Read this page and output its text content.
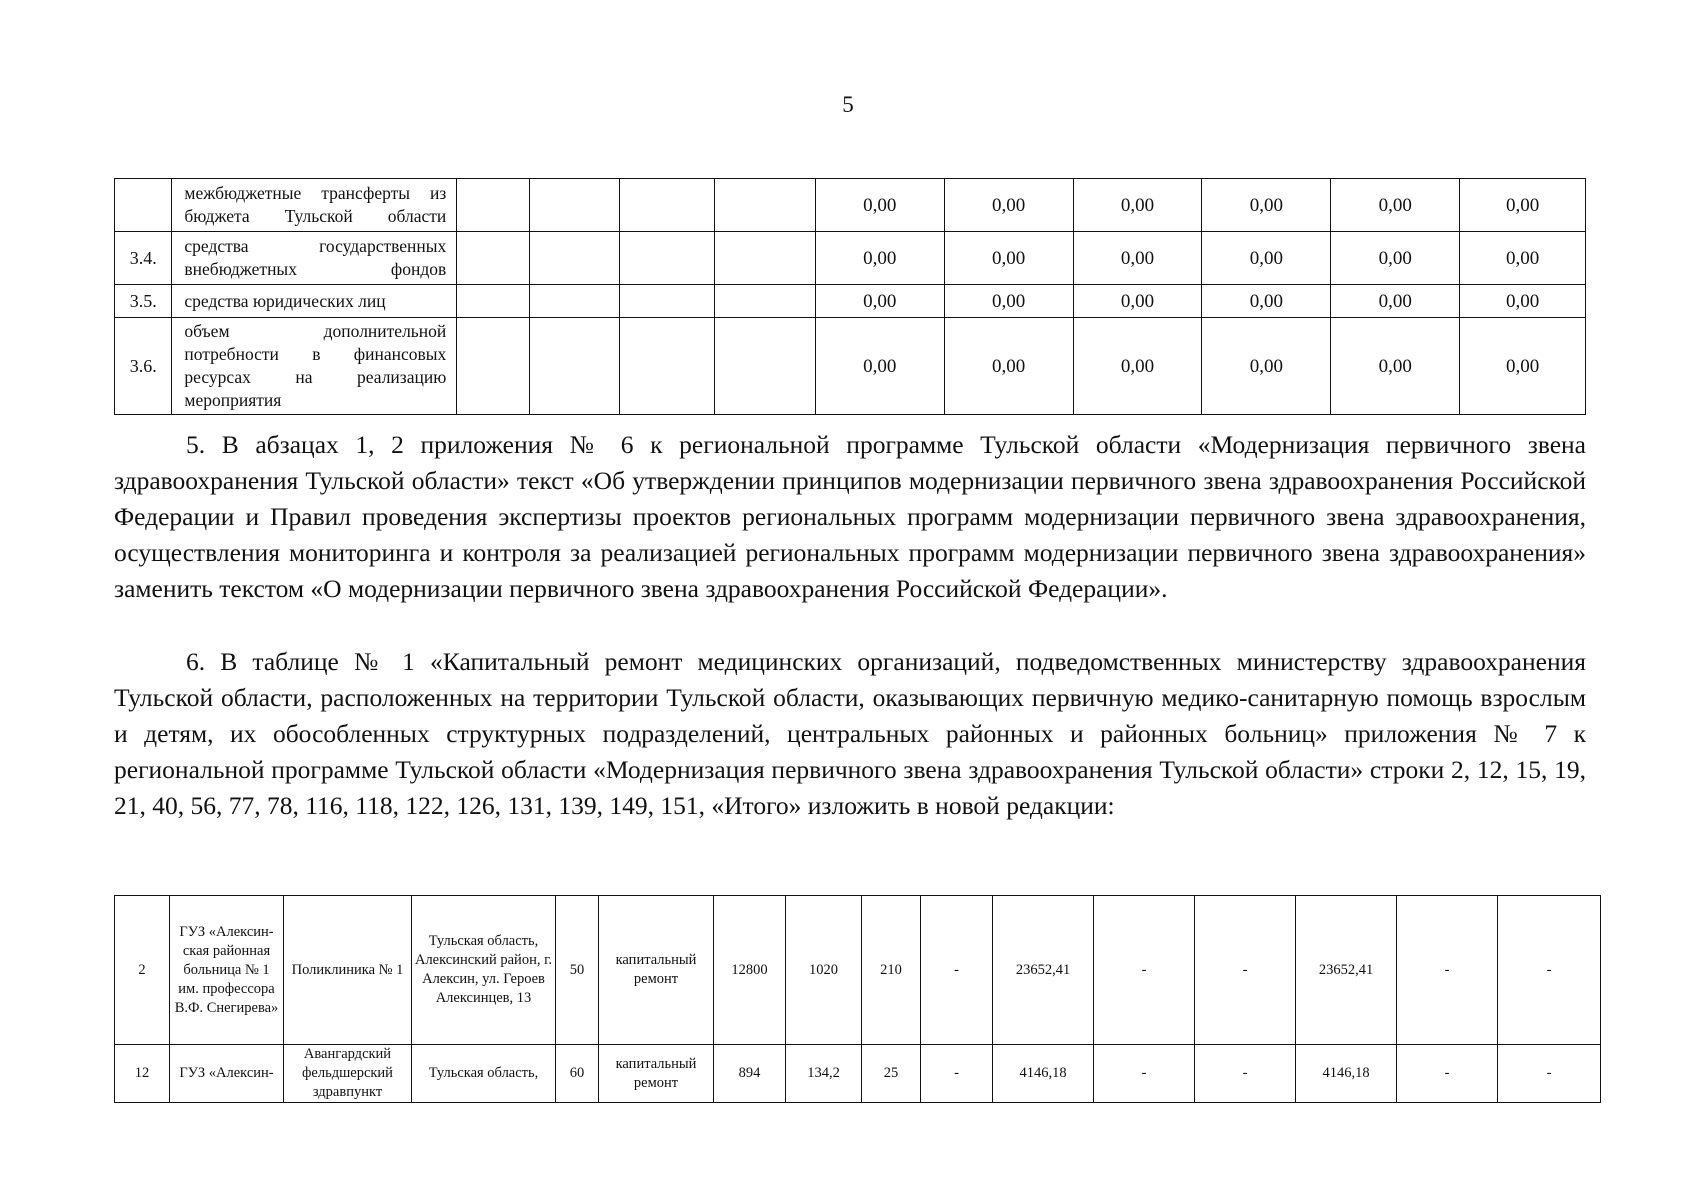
5
	межбюджетные трансферты из бюджета Тульской области					0,00	0,00	0,00	0,00	0,00	0,00
3.4.	средства государственных внебюджетных фондов					0,00	0,00	0,00	0,00	0,00	0,00
3.5.	средства юридических лиц					0,00	0,00	0,00	0,00	0,00	0,00
3.6.	объем дополнительной потребности в финансовых ресурсах на реализацию мероприятия					0,00	0,00	0,00	0,00	0,00	0,00

5. В абзацах 1, 2 приложения № 6 к региональной программе Тульской области «Модернизация первичного звена здравоохранения Тульской области» текст «Об утверждении принципов модернизации первичного звена здравоохранения Российской Федерации и Правил проведения экспертизы проектов региональных программ модернизации первичного звена здравоохранения, осуществления мониторинга и контроля за реализацией региональных программ модернизации первичного звена здравоохранения» заменить текстом «О модернизации первичного звена здравоохранения Российской Федерации».

6. В таблице № 1 «Капитальный ремонт медицинских организаций, подведомственных министерству здравоохранения Тульской области, расположенных на территории Тульской области, оказывающих первичную медико-санитарную помощь взрослым и детям, их обособленных структурных подразделений, центральных районных и районных больниц» приложения № 7 к региональной программе Тульской области «Модернизация первичного звена здравоохранения Тульской области» строки 2, 12, 15, 19, 21, 40, 56, 77, 78, 116, 118, 122, 126, 131, 139, 149, 151, «Итого» изложить в новой редакции:

2	ГУЗ «Алексин-ская районная больница № 1 им. профессора В.Ф. Снегирева»	Поликлиника № 1	Тульская область, Алексинский район, г. Алексин, ул. Героев Алексинцев, 13	50	капитальный ремонт	12800	1020	210	-	23652,41	-	-	23652,41	-	-
12	ГУЗ «Алексин-	Авангардский фельдшерский здравпункт	Тульская область,	60	капитальный ремонт	894	134,2	25	-	4146,18	-	-	4146,18	-	-
